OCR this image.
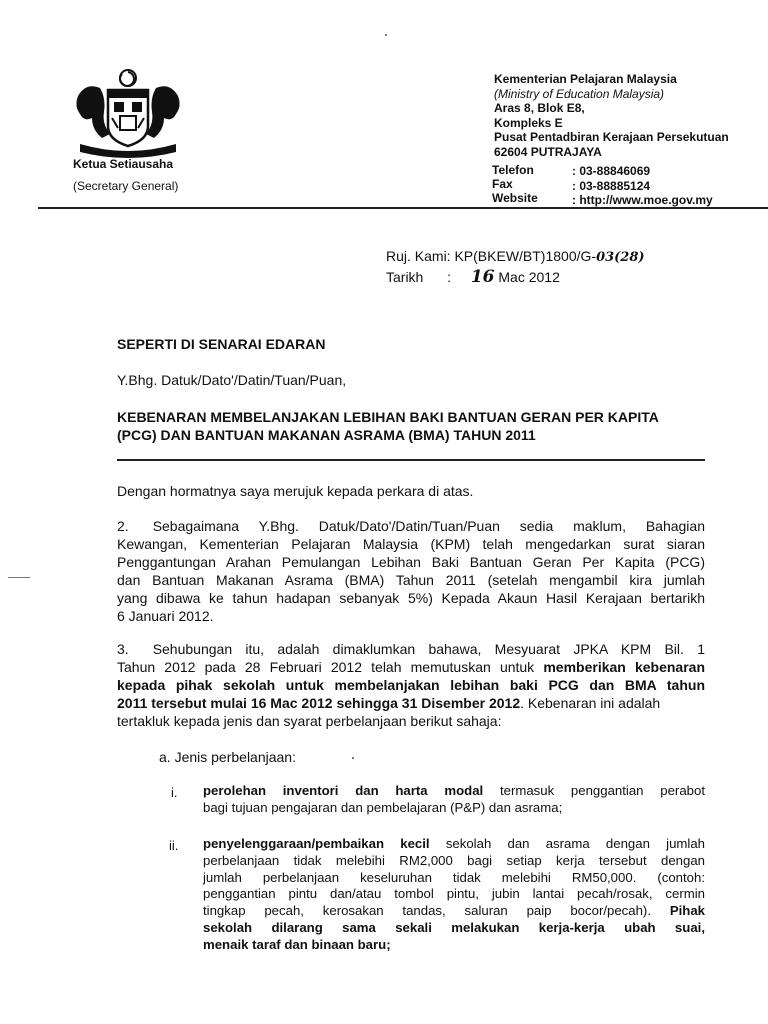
Ketua Setiausaha
(Secretary General)
Kementerian Pelajaran Malaysia
(Ministry of Education Malaysia)
Aras 8, Blok E8,
Kompleks E
Pusat Pentadbiran Kerajaan Persekutuan
62604 PUTRAJAYA
Telefon
Fax
Website
: 03-88846069
: 03-88885124
: http://www.moe.gov.my
Ruj. Kami: KP(BKEW/BT)1800/G-03(28)
Tarikh : 16 Mac 2012
SEPERTI DI SENARAI EDARAN
Y.Bhg. Datuk/Dato'/Datin/Tuan/Puan,
KEBENARAN MEMBELANJAKAN LEBIHAN BAKI BANTUAN GERAN PER KAPITA
(PCG) DAN BANTUAN MAKANAN ASRAMA (BMA) TAHUN 2011
Dengan hormatnya saya merujuk kepada perkara di atas.
2. Sebagaimana Y.Bhg. Datuk/Dato'/Datin/Tuan/Puan sedia maklum, Bahagian
Kewangan, Kementerian Pelajaran Malaysia (KPM) telah mengedarkan surat siaran
Penggantungan Arahan Pemulangan Lebihan Baki Bantuan Geran Per Kapita (PCG)
dan Bantuan Makanan Asrama (BMA) Tahun 2011 (setelah mengambil kira jumlah
yang dibawa ke tahun hadapan sebanyak 5%) Kepada Akaun Hasil Kerajaan bertarikh
6 Januari 2012.
3. Sehubungan itu, adalah dimaklumkan bahawa, Mesyuarat JPKA KPM Bil. 1
Tahun 2012 pada 28 Februari 2012 telah memutuskan untuk memberikan kebenaran
kepada pihak sekolah untuk membelanjakan lebihan baki PCG dan BMA tahun
2011 tersebut mulai 16 Mac 2012 sehingga 31 Disember 2012. Kebenaran ini adalah
tertakluk kepada jenis dan syarat perbelanjaan berikut sahaja:
a. Jenis perbelanjaan:
i. perolehan inventori dan harta modal termasuk penggantian perabot
bagi tujuan pengajaran dan pembelajaran (P&P) dan asrama;
ii. penyelenggaraan/pembaikan kecil sekolah dan asrama dengan jumlah
perbelanjaan tidak melebihi RM2,000 bagi setiap kerja tersebut dengan
jumlah perbelanjaan keseluruhan tidak melebihi RM50,000. (contoh:
penggantian pintu dan/atau tombol pintu, jubin lantai pecah/rosak, cermin
tingkap pecah, kerosakan tandas, saluran paip bocor/pecah). Pihak
sekolah dilarang sama sekali melakukan kerja-kerja ubah suai,
menaik taraf dan binaan baru;
